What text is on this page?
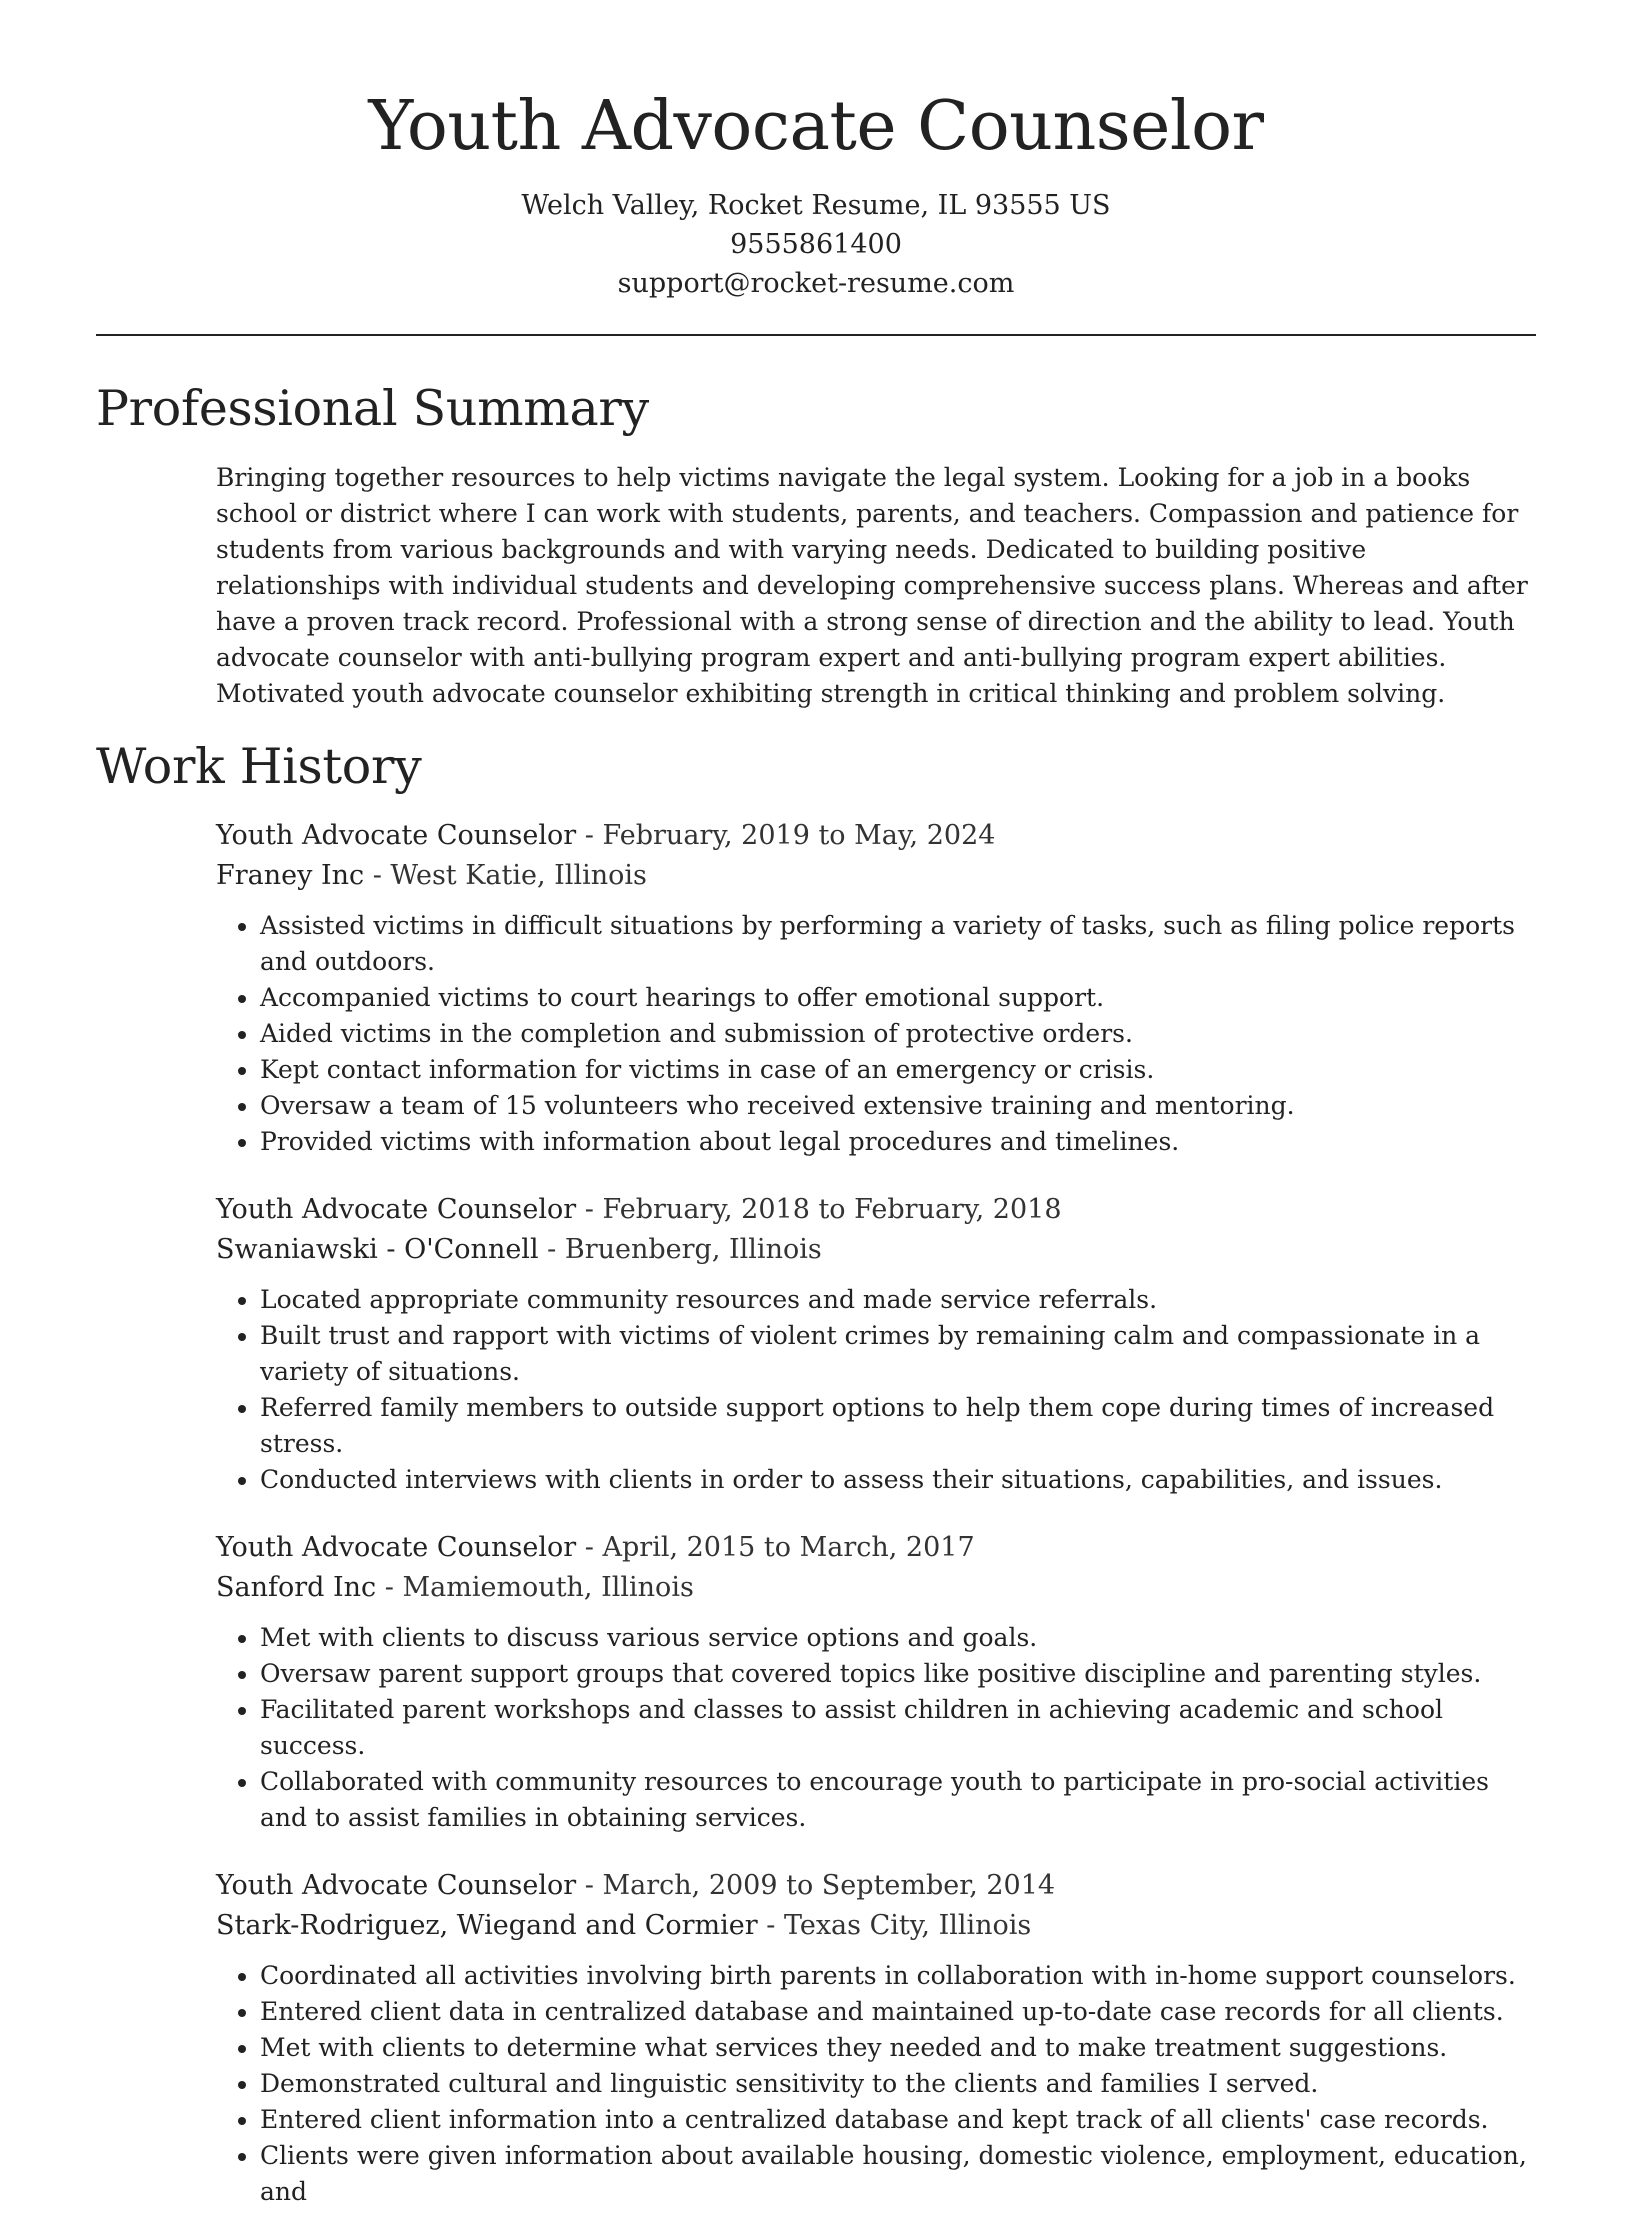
Youth Advocate Counselor
Welch Valley, Rocket Resume, IL 93555 US
9555861400
support@rocket-resume.com
Professional Summary

Bringing together resources to help victims navigate the legal system. Looking for a job in a books school or district where I can work with students, parents, and teachers. Compassion and patience for students from various backgrounds and with varying needs. Dedicated to building positive relationships with individual students and developing comprehensive success plans. Whereas and after have a proven track record. Professional with a strong sense of direction and the ability to lead. Youth advocate counselor with anti-bullying program expert and anti-bullying program expert abilities. Motivated youth advocate counselor exhibiting strength in critical thinking and problem solving.

Work History
Youth Advocate Counselor - February, 2019 to May, 2024
Franey Inc - West Katie, Illinois
• Assisted victims in difficult situations by performing a variety of tasks, such as filing police reports and outdoors.
• Accompanied victims to court hearings to offer emotional support.
• Aided victims in the completion and submission of protective orders.
• Kept contact information for victims in case of an emergency or crisis.
• Oversaw a team of 15 volunteers who received extensive training and mentoring.
• Provided victims with information about legal procedures and timelines.
Youth Advocate Counselor - February, 2018 to February, 2018
Swaniawski - O'Connell - Bruenberg, Illinois
• Located appropriate community resources and made service referrals.
• Built trust and rapport with victims of violent crimes by remaining calm and compassionate in a variety of situations.
• Referred family members to outside support options to help them cope during times of increased stress.
• Conducted interviews with clients in order to assess their situations, capabilities, and issues.
Youth Advocate Counselor - April, 2015 to March, 2017
Sanford Inc - Mamiemouth, Illinois
• Met with clients to discuss various service options and goals.
• Oversaw parent support groups that covered topics like positive discipline and parenting styles.
• Facilitated parent workshops and classes to assist children in achieving academic and school success.
• Collaborated with community resources to encourage youth to participate in pro-social activities and to assist families in obtaining services.
Youth Advocate Counselor - March, 2009 to September, 2014
Stark-Rodriguez, Wiegand and Cormier - Texas City, Illinois
• Coordinated all activities involving birth parents in collaboration with in-home support counselors.
• Entered client data in centralized database and maintained up-to-date case records for all clients.
• Met with clients to determine what services they needed and to make treatment suggestions.
• Demonstrated cultural and linguistic sensitivity to the clients and families I served.
• Entered client information into a centralized database and kept track of all clients' case records.
• Clients were given information about available housing, domestic violence, employment, education, and
